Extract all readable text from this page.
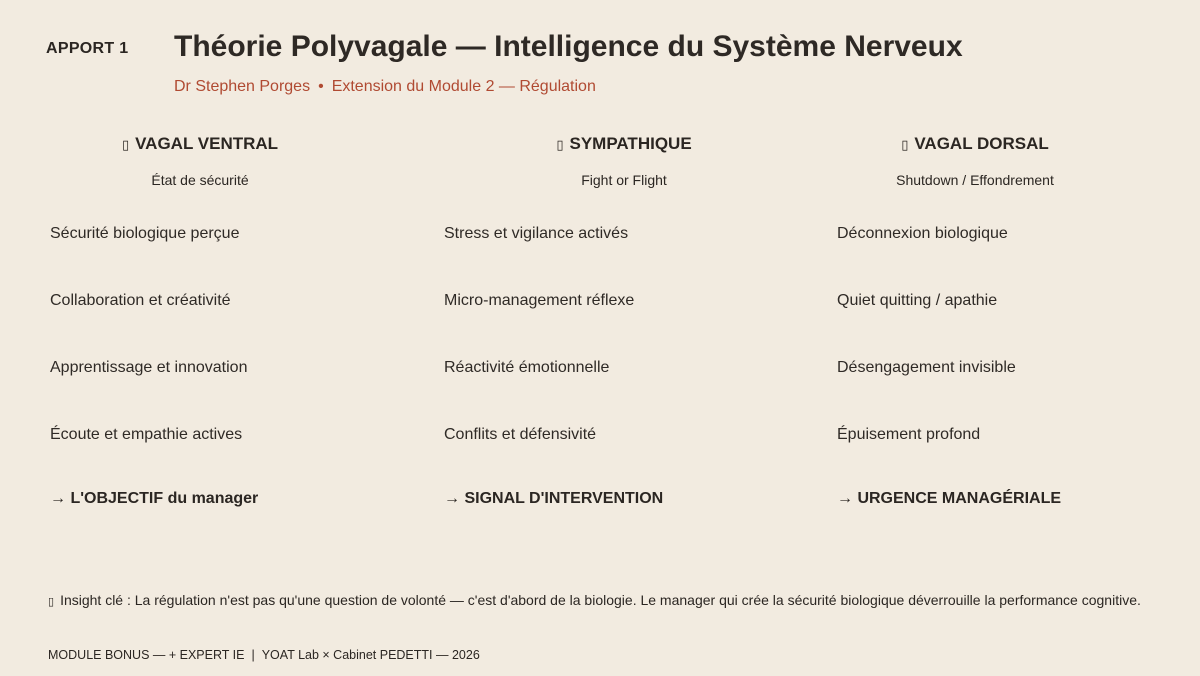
APPORT 1 Théorie Polyvagale — Intelligence du Système Nerveux
Dr Stephen Porges • Extension du Module 2 — Régulation
▯ VAGAL VENTRAL
État de sécurité
Sécurité biologique perçue
Collaboration et créativité
Apprentissage et innovation
Écoute et empathie actives
→ L'OBJECTIF du manager
▯ SYMPATHIQUE
Fight or Flight
Stress et vigilance activés
Micro-management réflexe
Réactivité émotionnelle
Conflits et défensivité
→ SIGNAL D'INTERVENTION
▯ VAGAL DORSAL
Shutdown / Effondrement
Déconnexion biologique
Quiet quitting / apathie
Désengagement invisible
Épuisement profond
→ URGENCE MANAGÉRIALE
▯ Insight clé : La régulation n'est pas qu'une question de volonté — c'est d'abord de la biologie. Le manager qui crée la sécurité biologique déverrouille la performance cognitive.
MODULE BONUS — + EXPERT IE | YOAT Lab × Cabinet PEDETTI — 2026
